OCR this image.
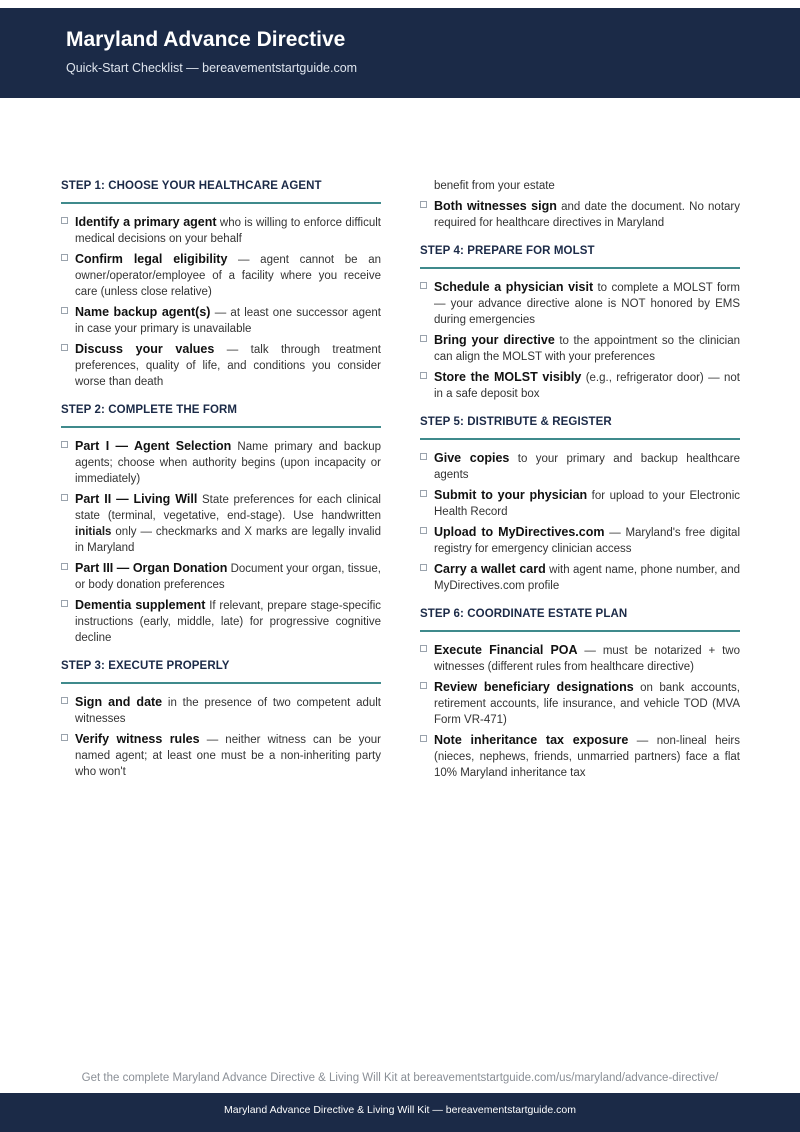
Maryland Advance Directive
Quick-Start Checklist — bereavementstartguide.com
STEP 1: CHOOSE YOUR HEALTHCARE AGENT
Identify a primary agent who is willing to enforce difficult medical decisions on your behalf
Confirm legal eligibility — agent cannot be an owner/operator/employee of a facility where you receive care (unless close relative)
Name backup agent(s) — at least one successor agent in case your primary is unavailable
Discuss your values — talk through treatment preferences, quality of life, and conditions you consider worse than death
STEP 2: COMPLETE THE FORM
Part I — Agent Selection Name primary and backup agents; choose when authority begins (upon incapacity or immediately)
Part II — Living Will State preferences for each clinical state (terminal, vegetative, end-stage). Use handwritten initials only — checkmarks and X marks are legally invalid in Maryland
Part III — Organ Donation Document your organ, tissue, or body donation preferences
Dementia supplement If relevant, prepare stage-specific instructions (early, middle, late) for progressive cognitive decline
STEP 3: EXECUTE PROPERLY
Sign and date in the presence of two competent adult witnesses
Verify witness rules — neither witness can be your named agent; at least one must be a non-inheriting party who won't
benefit from your estate
Both witnesses sign and date the document. No notary required for healthcare directives in Maryland
STEP 4: PREPARE FOR MOLST
Schedule a physician visit to complete a MOLST form — your advance directive alone is NOT honored by EMS during emergencies
Bring your directive to the appointment so the clinician can align the MOLST with your preferences
Store the MOLST visibly (e.g., refrigerator door) — not in a safe deposit box
STEP 5: DISTRIBUTE & REGISTER
Give copies to your primary and backup healthcare agents
Submit to your physician for upload to your Electronic Health Record
Upload to MyDirectives.com — Maryland's free digital registry for emergency clinician access
Carry a wallet card with agent name, phone number, and MyDirectives.com profile
STEP 6: COORDINATE ESTATE PLAN
Execute Financial POA — must be notarized + two witnesses (different rules from healthcare directive)
Review beneficiary designations on bank accounts, retirement accounts, life insurance, and vehicle TOD (MVA Form VR-471)
Note inheritance tax exposure — non-lineal heirs (nieces, nephews, friends, unmarried partners) face a flat 10% Maryland inheritance tax
Get the complete Maryland Advance Directive & Living Will Kit at bereavementstartguide.com/us/maryland/advance-directive/
Maryland Advance Directive & Living Will Kit — bereavementstartguide.com
